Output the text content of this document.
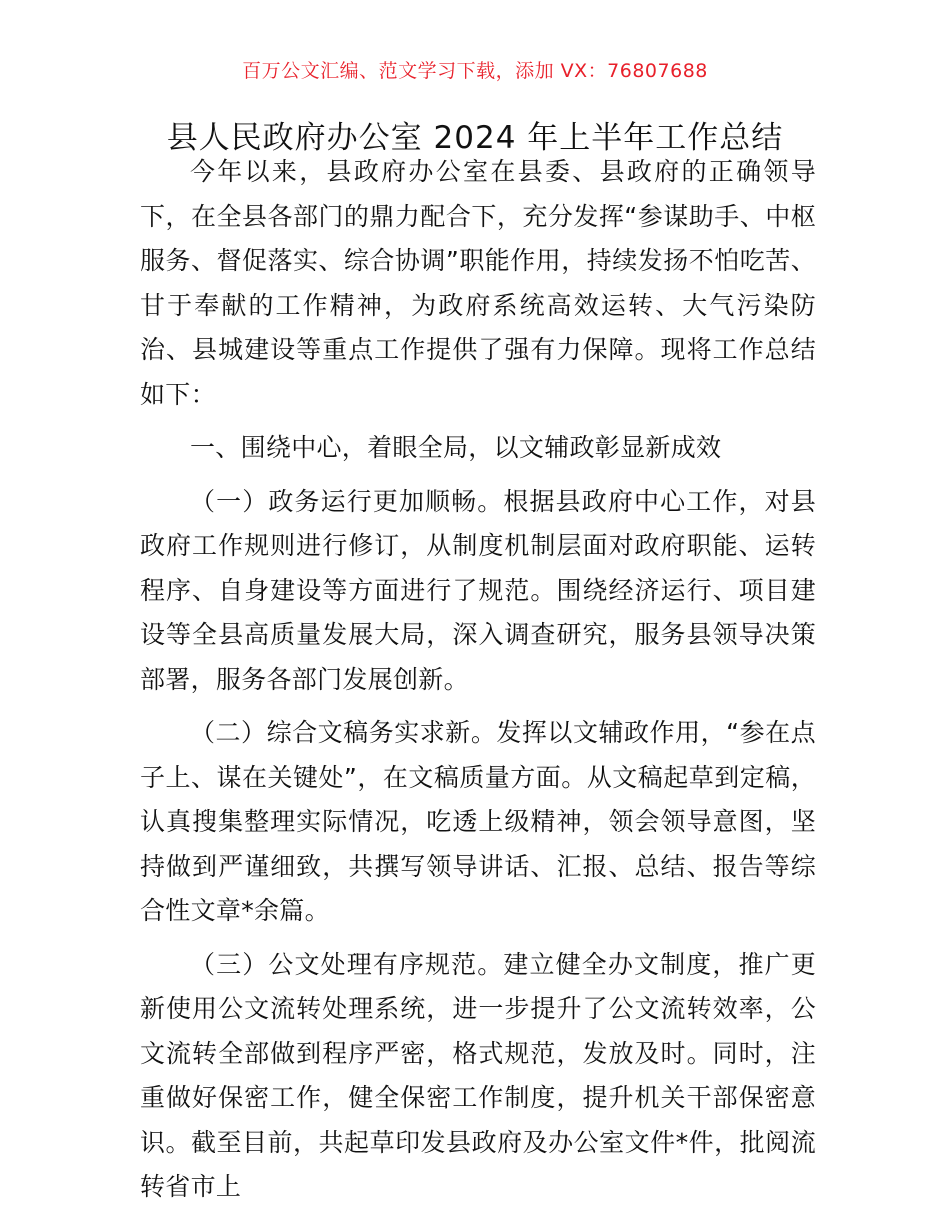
百万公文汇编、范文学习下载，添加 VX：76807688
县人民政府办公室 2024 年上半年工作总结

今年以来，县政府办公室在县委、县政府的正确领导下，在全县各部门的鼎力配合下，充分发挥“参谋助手、中枢服务、督促落实、综合协调”职能作用，持续发扬不怕吃苦、甘于奉献的工作精神，为政府系统高效运转、大气污染防治、县城建设等重点工作提供了强有力保障。现将工作总结如下：

一、围绕中心，着眼全局，以文辅政彰显新成效

（一）政务运行更加顺畅。根据县政府中心工作，对县政府工作规则进行修订，从制度机制层面对政府职能、运转程序、自身建设等方面进行了规范。围绕经济运行、项目建设等全县高质量发展大局，深入调查研究，服务县领导决策部署，服务各部门发展创新。

（二）综合文稿务实求新。发挥以文辅政作用，“参在点子上、谋在关键处”，在文稿质量方面。从文稿起草到定稿，认真搜集整理实际情况，吃透上级精神，领会领导意图，坚持做到严谨细致，共撰写领导讲话、汇报、总结、报告等综合性文章*余篇。

（三）公文处理有序规范。建立健全办文制度，推广更新使用公文流转处理系统，进一步提升了公文流转效率，公文流转全部做到程序严密，格式规范，发放及时。同时，注重做好保密工作，健全保密工作制度，提升机关干部保密意识。截至目前，共起草印发县政府及办公室文件*件，批阅流转省市上
